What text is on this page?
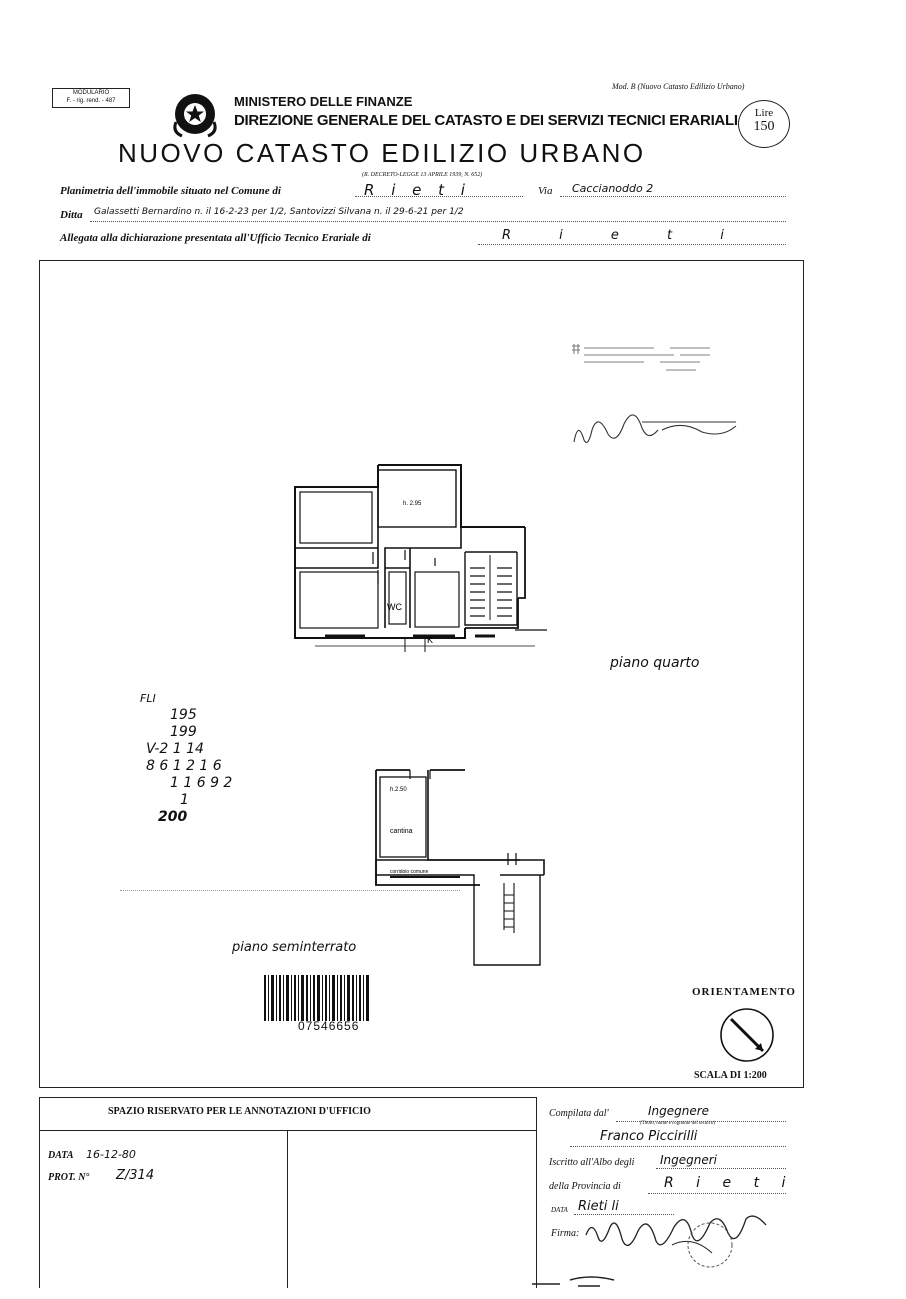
MODULARIO
F. - rig. rend. - 487
Mod. B (Nuovo Catasto Edilizio Urbano)
MINISTERO DELLE FINANZE
DIREZIONE GENERALE DEL CATASTO E DEI SERVIZI TECNICI ERARIALI	Lire
150
NUOVO CATASTO EDILIZIO URBANO
(R. DECRETO-LEGGE 13 APRILE 1939, N. 652)
Planimetria dell'immobile situato nel Comune di	R i e t i	Via Caccianoddo 2
Ditta Galassetti Bernardino n. il 16-2-23 per 1/2, Santovizzi Silvana n. il 29-6-21 per 1/2
Allegata alla dichiarazione presentata all'Ufficio Tecnico Erariale di	R i e t i
h. 2.95
WC
K
piano quarto
FLI
195
199
V-2 1 14
8 6 1 2 1 6
1 1 6 9 2
1
200
h.2.50
cantina
corridoio comune
piano seminterrato
07546656
ORIENTAMENTO
SCALA DI 1:200
SPAZIO RISERVATO PER LE ANNOTAZIONI D'UFFICIO
DATA 16-12-80
PROT. N° Z/314
Compilata dal'	Ingegnere
(Titolo, nome e cognome del tecnico)
Franco Piccirilli
Iscritto all'Albo degli Ingegneri
della Provincia di	R i e t i
DATA Rieti li
Firma:
